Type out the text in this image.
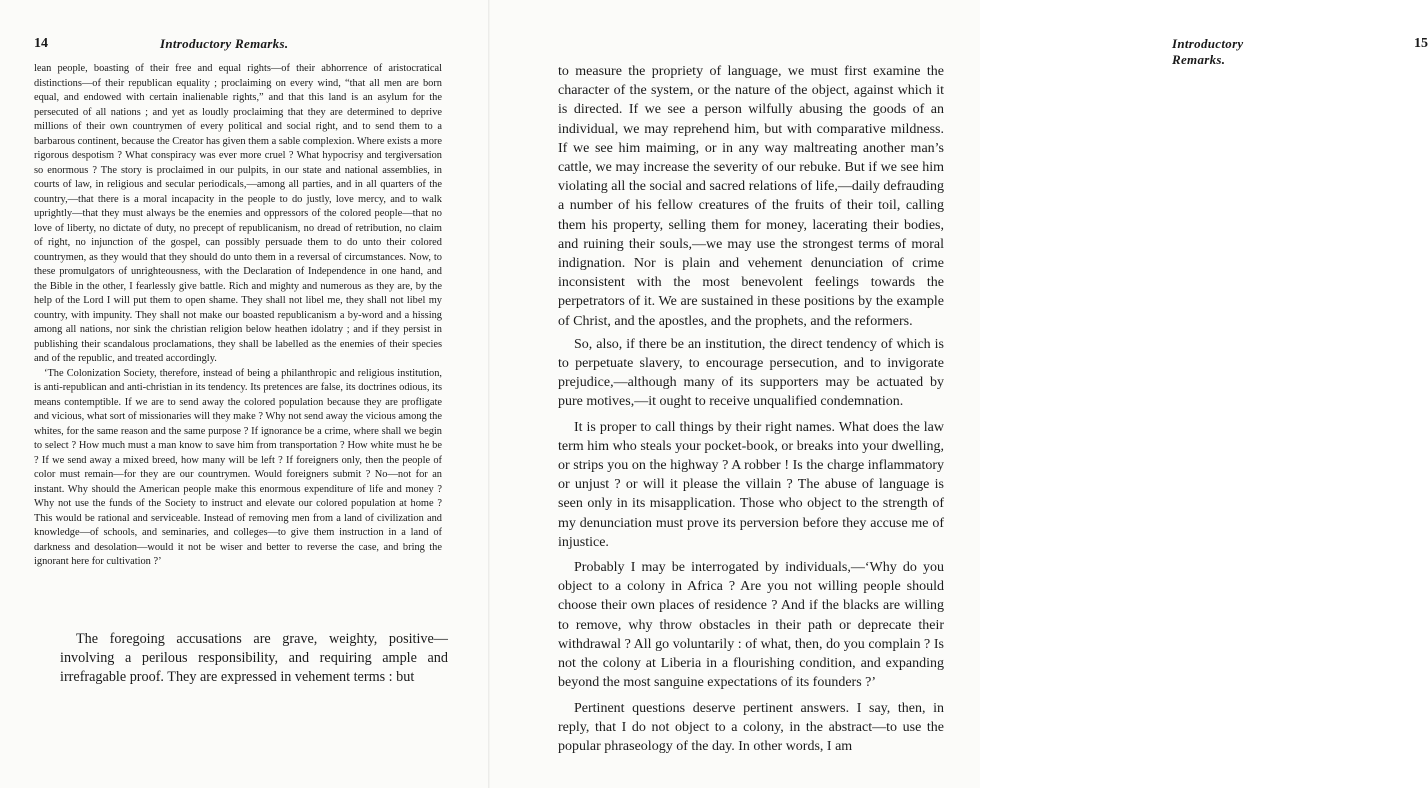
14	Introductory Remarks.

lean people, boasting of their free and equal rights—of their abhorrence of aristocratical distinctions—of their republican equality ; proclaiming on every wind, “that all men are born equal, and endowed with certain inalienable rights,” and that this land is an asylum for the persecuted of all nations ; and yet as loudly proclaiming that they are determined to deprive millions of their own countrymen of every political and social right, and to send them to a barbarous continent, because the Creator has given them a sable complexion. Where exists a more rigorous despotism ? What conspiracy was ever more cruel ? What hypocrisy and tergiversation so enormous ? The story is proclaimed in our pulpits, in our state and national assemblies, in courts of law, in religious and secular periodicals,—among all parties, and in all quarters of the country,—that there is a moral incapacity in the people to do justly, love mercy, and to walk uprightly—that they must always be the enemies and oppressors of the colored people—that no love of liberty, no dictate of duty, no precept of republicanism, no dread of retribution, no claim of right, no injunction of the gospel, can possibly persuade them to do unto their colored countrymen, as they would that they should do unto them in a reversal of circumstances. Now, to these promulgators of unrighteousness, with the Declaration of Independence in one hand, and the Bible in the other, I fearlessly give battle. Rich and mighty and numerous as they are, by the help of the Lord I will put them to open shame. They shall not libel me, they shall not libel my country, with impunity. They shall not make our boasted republicanism a by-word and a hissing among all nations, nor sink the christian religion below heathen idolatry ; and if they persist in publishing their scandalous proclamations, they shall be labelled as the enemies of their species and of the republic, and treated accordingly.

‘The Colonization Society, therefore, instead of being a philanthropic and religious institution, is anti-republican and anti-christian in its tendency. Its pretences are false, its doctrines odious, its means contemptible. If we are to send away the colored population because they are profligate and vicious, what sort of missionaries will they make ? Why not send away the vicious among the whites, for the same reason and the same purpose ? If ignorance be a crime, where shall we begin to select ? How much must a man know to save him from transportation ? How white must he be ? If we send away a mixed breed, how many will be left ? If foreigners only, then the people of color must remain—for they are our countrymen. Would foreigners submit ? No—not for an instant. Why should the American people make this enormous expenditure of life and money ? Why not use the funds of the Society to instruct and elevate our colored population at home ? This would be rational and serviceable. Instead of removing men from a land of civilization and knowledge—of schools, and seminaries, and colleges—to give them instruction in a land of darkness and desolation—would it not be wiser and better to reverse the case, and bring the ignorant here for cultivation ?’

The foregoing accusations are grave, weighty, positive—involving a perilous responsibility, and requiring ample and irrefragable proof. They are expressed in vehement terms : but

Introductory Remarks.
15

to measure the propriety of language, we must first examine the character of the system, or the nature of the object, against which it is directed. If we see a person wilfully abusing the goods of an individual, we may reprehend him, but with comparative mildness. If we see him maiming, or in any way maltreating another man’s cattle, we may increase the severity of our rebuke. But if we see him violating all the social and sacred relations of life,—daily defrauding a number of his fellow creatures of the fruits of their toil, calling them his property, selling them for money, lacerating their bodies, and ruining their souls,—we may use the strongest terms of moral indignation. Nor is plain and vehement denunciation of crime inconsistent with the most benevolent feelings towards the perpetrators of it. We are sustained in these positions by the example of Christ, and the apostles, and the prophets, and the reformers.

So, also, if there be an institution, the direct tendency of which is to perpetuate slavery, to encourage persecution, and to invigorate prejudice,—although many of its supporters may be actuated by pure motives,—it ought to receive unqualified condemnation.

It is proper to call things by their right names. What does the law term him who steals your pocket-book, or breaks into your dwelling, or strips you on the highway ? A robber ! Is the charge inflammatory or unjust ? or will it please the villain ? The abuse of language is seen only in its misapplication. Those who object to the strength of my denunciation must prove its perversion before they accuse me of injustice.

Probably I may be interrogated by individuals,—‘Why do you object to a colony in Africa ? Are you not willing people should choose their own places of residence ? And if the blacks are willing to remove, why throw obstacles in their path or deprecate their withdrawal ? All go voluntarily : of what, then, do you complain ? Is not the colony at Liberia in a flourishing condition, and expanding beyond the most sanguine expectations of its founders ?’

Pertinent questions deserve pertinent answers. I say, then, in reply, that I do not object to a colony, in the abstract—to use the popular phraseology of the day. In other words, I am
